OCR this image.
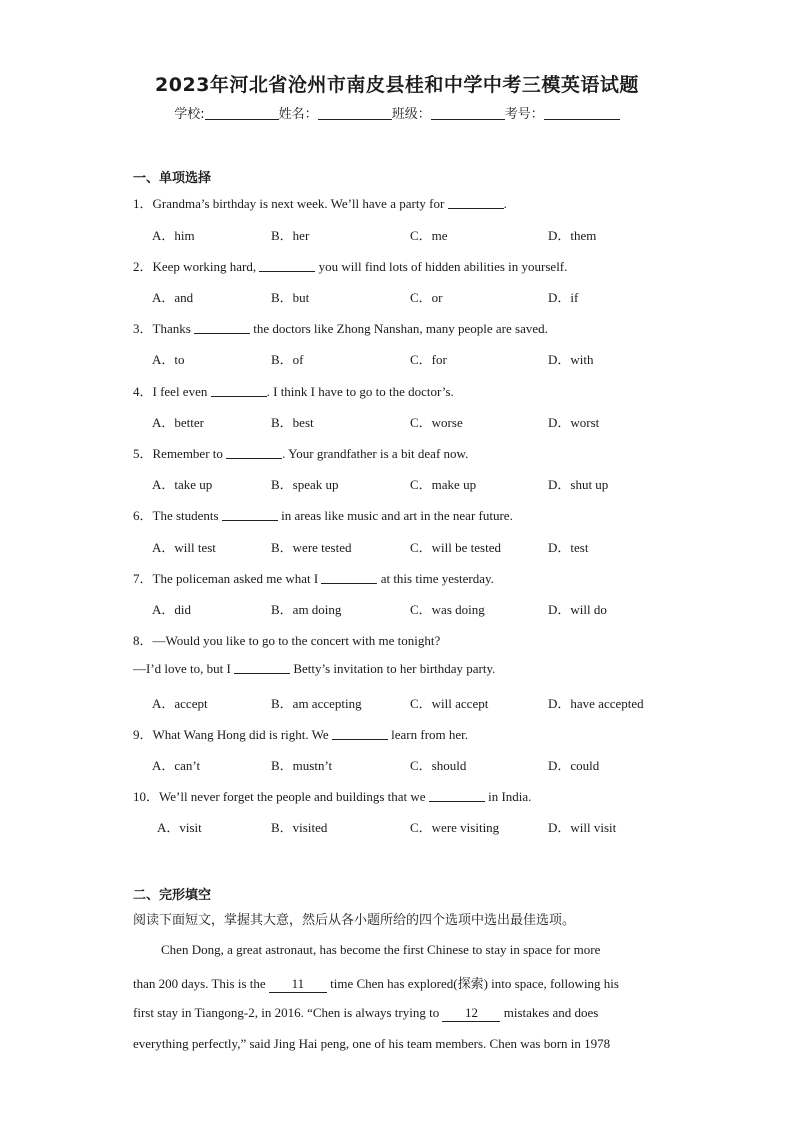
2023年河北省沧州市南皮县桂和中学中考三模英语试题
学校:	姓名：	班级：	考号：
一、单项选择
1．Grandma’s birthday is next week. We’ll have a party for	.
A．him	B．her	C．me	D．them
2．Keep working hard,	you will find lots of hidden abilities in yourself.
A．and	B．but	C．or	D．if
3．Thanks	the doctors like Zhong Nanshan, many people are saved.
A．to	B．of	C．for	D．with
4．I feel even	. I think I have to go to the doctor’s.
A．better	B．best	C．worse	D．worst
5．Remember to	. Your grandfather is a bit deaf now.
A．take up	B．speak up	C．make up	D．shut up
6．The students	in areas like music and art in the near future.
A．will test	B．were tested	C．will be tested	D．test
7．The policeman asked me what I	at this time yesterday.
A．did	B．am doing	C．was doing	D．will do
8．—Would you like to go to the concert with me tonight?
—I’d love to, but I	Betty’s invitation to her birthday party.
A．accept	B．am accepting	C．will accept	D．have accepted
9．What Wang Hong did is right. We	learn from her.
A．can’t	B．mustn’t	C．should	D．could
10．We’ll never forget the people and buildings that we	in India.
A．visit	B．visited	C．were visiting	D．will visit
二、完形填空
阅读下面短文，掌握其大意，然后从各小题所给的四个选项中选出最佳选项。
Chen Dong, a great astronaut, has become the first Chinese to stay in space for more
than 200 days. This is the 11 time Chen has explored(探索) into space, following his
first stay in Tiangong-2, in 2016. “Chen is always trying to 12 mistakes and does
everything perfectly,” said Jing Hai peng, one of his team members. Chen was born in 1978
